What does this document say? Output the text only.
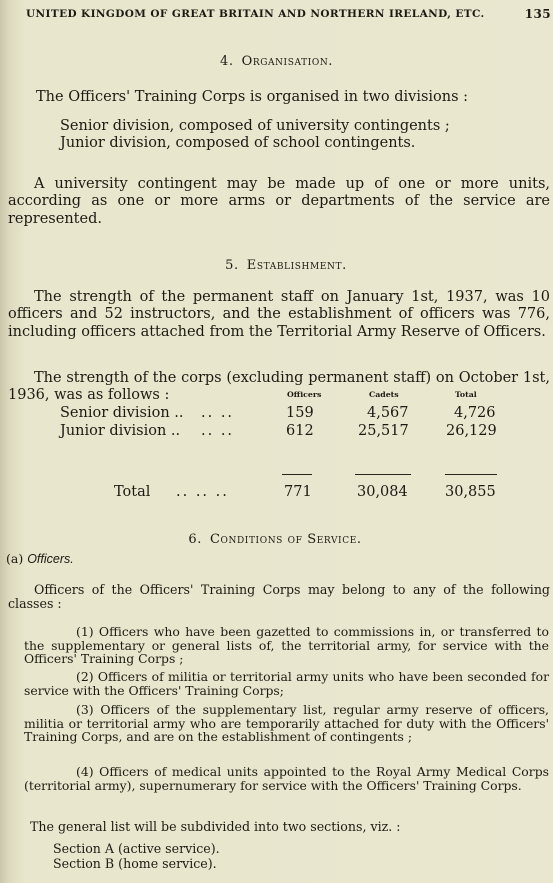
UNITED KINGDOM OF GREAT BRITAIN AND NORTHERN IRELAND, ETC.	135
4. Organisation.
The Officers' Training Corps is organised in two divisions :
Senior division, composed of university contingents ;
Junior division, composed of school contingents.
A university contingent may be made up of one or more units, according as one or more arms or departments of the service are represented.
5. Establishment.
The strength of the permanent staff on January 1st, 1937, was 10 officers and 52 instructors, and the establishment of officers was 776, including officers attached from the Territorial Army Reserve of Officers.
The strength of the corps (excluding permanent staff) on October 1st, 1936, was as follows :	Officers	Cadets	Total
Senior division .. .. ..	159	4,567	4,726
Junior division .. .. ..	612	25,517	26,129
Total .. .. ..	771	30,084	30,855
6. Conditions of Service.
(a) Officers.
Officers of the Officers' Training Corps may belong to any of the following classes :
(1) Officers who have been gazetted to commissions in, or transferred to the supplementary or general lists of, the territorial army, for service with the Officers' Training Corps ;
(2) Officers of militia or territorial army units who have been seconded for service with the Officers' Training Corps;
(3) Officers of the supplementary list, regular army reserve of officers, militia or territorial army who are temporarily attached for duty with the Officers' Training Corps, and are on the establishment of contingents ;
(4) Officers of medical units appointed to the Royal Army Medical Corps (territorial army), supernumerary for service with the Officers' Training Corps.
The general list will be subdivided into two sections, viz. :
Section A (active service).
Section B (home service).
